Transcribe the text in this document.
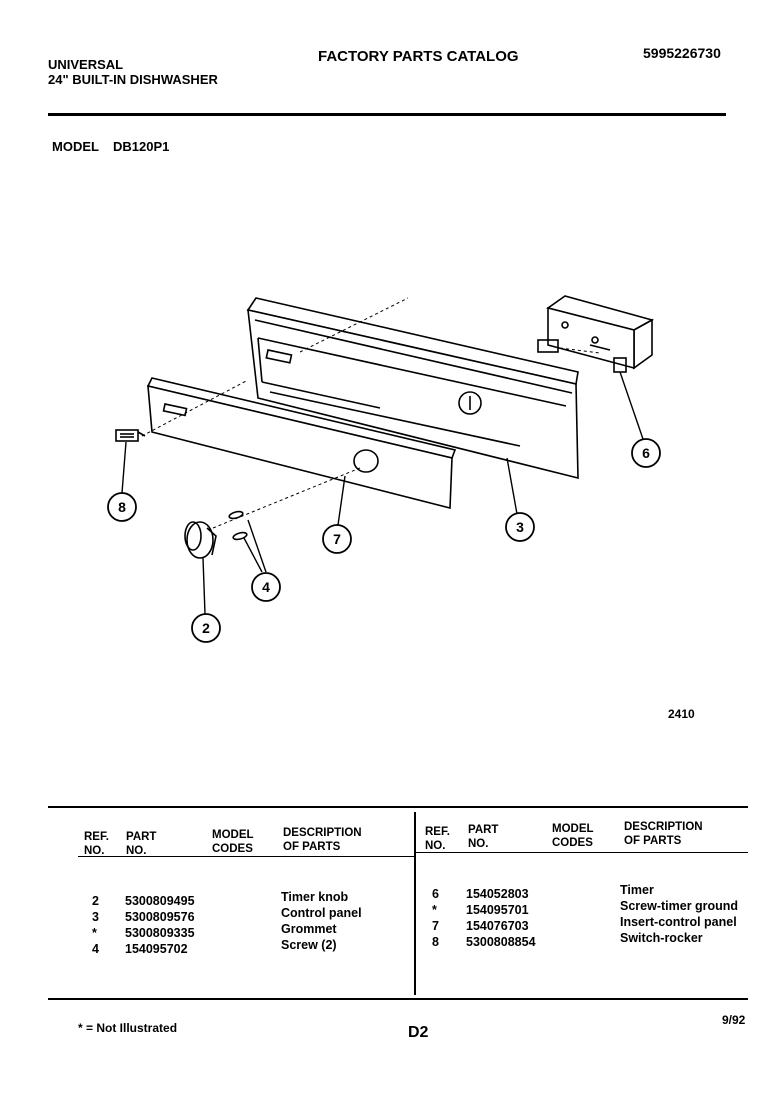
UNIVERSAL
24" BUILT-IN DISHWASHER
FACTORY PARTS CATALOG	5995226730
MODEL DB120P1
8
7
3
6
4
2
2410
REF.
NO.
PART
NO.
MODEL
CODES
DESCRIPTION
OF PARTS
REF.
NO.
PART
NO.
MODEL
CODES
DESCRIPTION
OF PARTS
2
3
*
4
5300809495
5300809576
5300809335
154095702
Timer knob
Control panel
Grommet
Screw (2)
6
*
7
8
154052803
154095701
154076703
5300808854
Timer
Screw-timer ground
Insert-control panel
Switch-rocker
* = Not Illustrated	D2
9/92
